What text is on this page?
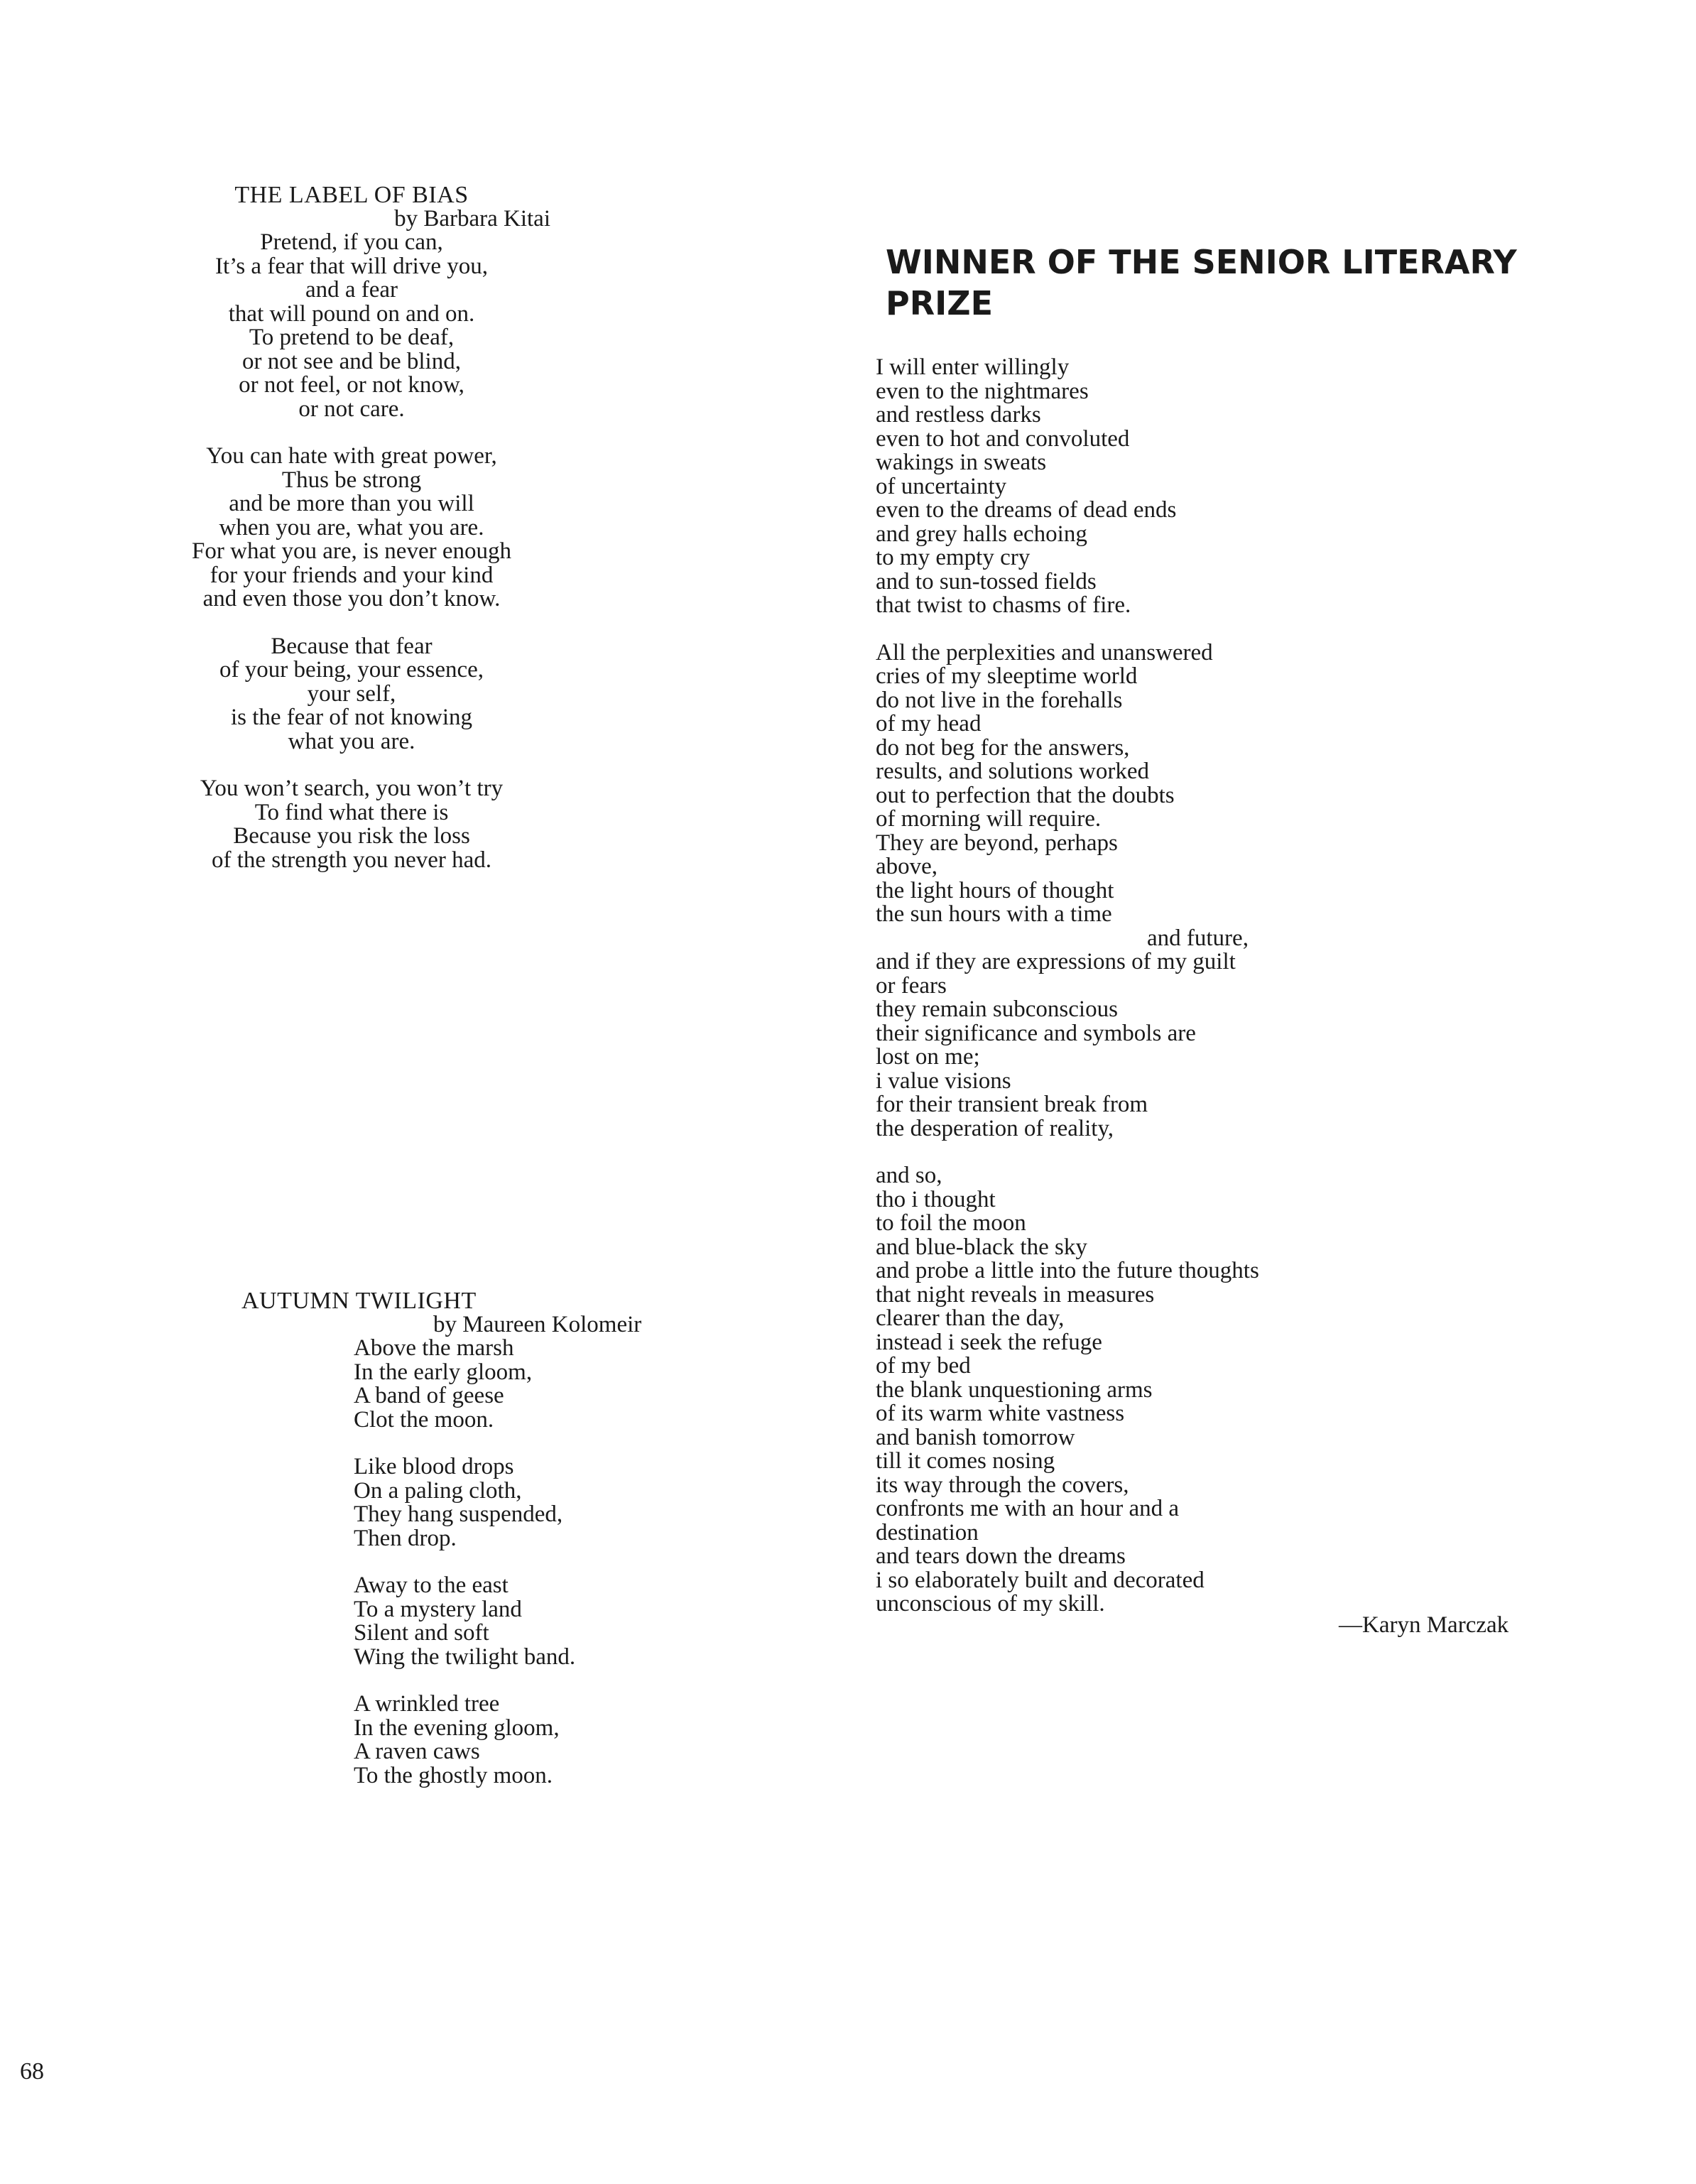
THE LABEL OF BIAS
by Barbara Kitai
Pretend, if you can,
It’s a fear that will drive you,
and a fear
that will pound on and on.
To pretend to be deaf,
or not see and be blind,
or not feel, or not know,
or not care.
You can hate with great power,
Thus be strong
and be more than you will
when you are, what you are.
For what you are, is never enough
for your friends and your kind
and even those you don’t know.
Because that fear
of your being, your essence,
your self,
is the fear of not knowing
what you are.
You won’t search, you won’t try
To find what there is
Because you risk the loss
of the strength you never had.
AUTUMN TWILIGHT
by Maureen Kolomeir
Above the marsh
In the early gloom,
A band of geese
Clot the moon.
Like blood drops
On a paling cloth,
They hang suspended,
Then drop.
Away to the east
To a mystery land
Silent and soft
Wing the twilight band.
A wrinkled tree
In the evening gloom,
A raven caws
To the ghostly moon.
WINNER OF THE SENIOR LITERARY PRIZE
I will enter willingly
even to the nightmares
and restless darks
even to hot and convoluted
wakings in sweats
of uncertainty
even to the dreams of dead ends
and grey halls echoing
to my empty cry
and to sun-tossed fields
that twist to chasms of fire.
All the perplexities and unanswered
cries of my sleeptime world
do not live in the forehalls
of my head
do not beg for the answers,
results, and solutions worked
out to perfection that the doubts
of morning will require.
They are beyond, perhaps
above,
the light hours of thought
the sun hours with a time
and future,
and if they are expressions of my guilt
or fears
they remain subconscious
their significance and symbols are
lost on me;
i value visions
for their transient break from
the desperation of reality,
and so,
tho i thought
to foil the moon
and blue-black the sky
and probe a little into the future thoughts
that night reveals in measures
clearer than the day,
instead i seek the refuge
of my bed
the blank unquestioning arms
of its warm white vastness
and banish tomorrow
till it comes nosing
its way through the covers,
confronts me with an hour and a
destination
and tears down the dreams
i so elaborately built and decorated
unconscious of my skill.
—Karyn Marczak
68
